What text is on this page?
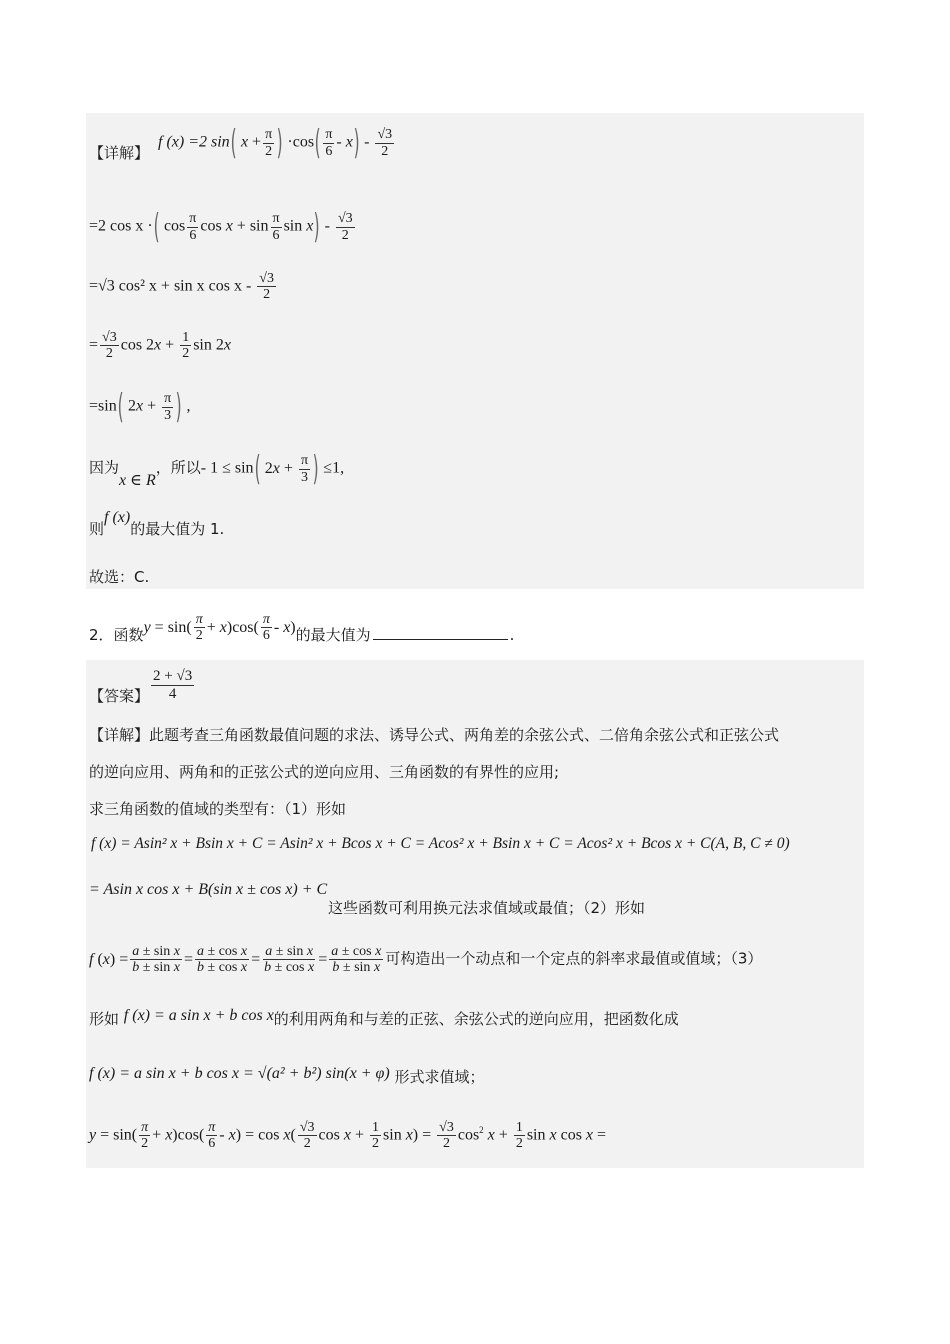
【详解】
f (x) =2 sin( $x + \frac{\pi}{2}$ ) $\cdot\cos( \frac{\pi}{6} - x) - \frac{√3}{2}$
=2 cos x ·( $\cos \frac{\pi}{6}$ $\cos x + \sin \frac{\pi}{6}$ $\sin x) - \frac{√3}{2}$
=√3 cos² x + sin x cos x - $\frac{√3}{2}$
= $\frac{√3}{2}$ $\cos 2x + \frac{1}{2}$ sin 2x
=sin( $2x + \frac{\pi}{3}$ ) ,
因为x ∈ R，所以- 1 ≤ sin( $2x + \frac{\pi}{3}$ ) ≤1,
则f (x)的最大值为 1.
故选：C.
2．函数$y = \sin( \frac{\pi}{2} + x)\cos( \frac{\pi}{6} - x)$的最大值为	.
【答案】 $\frac{2 + √3}{4}$
【详解】此题考查三角函数最值问题的求法、诱导公式、两角差的余弦公式、二倍角余弦公式和正弦公式
的逆向应用、两角和的正弦公式的逆向应用、三角函数的有界性的应用;
求三角函数的值域的类型有：（1）形如
f (x) = Asin² x + Bsin x + C = Asin² x + Bcos x + C = Acos² x + Bsin x + C = Acos² x + Bcos x + C(A, B, C ≠ 0)
= Asin x cos x + B(sin x ± cos x) + C
这些函数可利用换元法求值域或最值；（2）形如
f $(x) = \frac{\text{a ± sin x}}{\text{b ± sin x}} = \frac{\text{a ± cos x}}{\text{b ± cos x}} = \frac{\text{a ± sin x}}{\text{b ± cos x}} = \frac{\text{a ± cos x}}{\text{b ± sin x}}$ 可构造出一个动点和一个定点的斜率求最值或值域；（3）
形如 f (x) = a sin x + b cos x的利用两角和与差的正弦、余弦公式的逆向应用，把函数化成
f (x) = a sin x + b cos x = √(a² + b²) sin(x + φ) 形式求值域；
$y = \sin( \frac{\pi}{2} + x)\cos( \frac{\pi}{6} - x) = \cos x( \frac{√3}{2}$ $\cos x + \frac{1}{2}$ $\sin x) = \frac{√3}{2} \cos^2 x + \frac{1}{2}$ sin x cos x =
